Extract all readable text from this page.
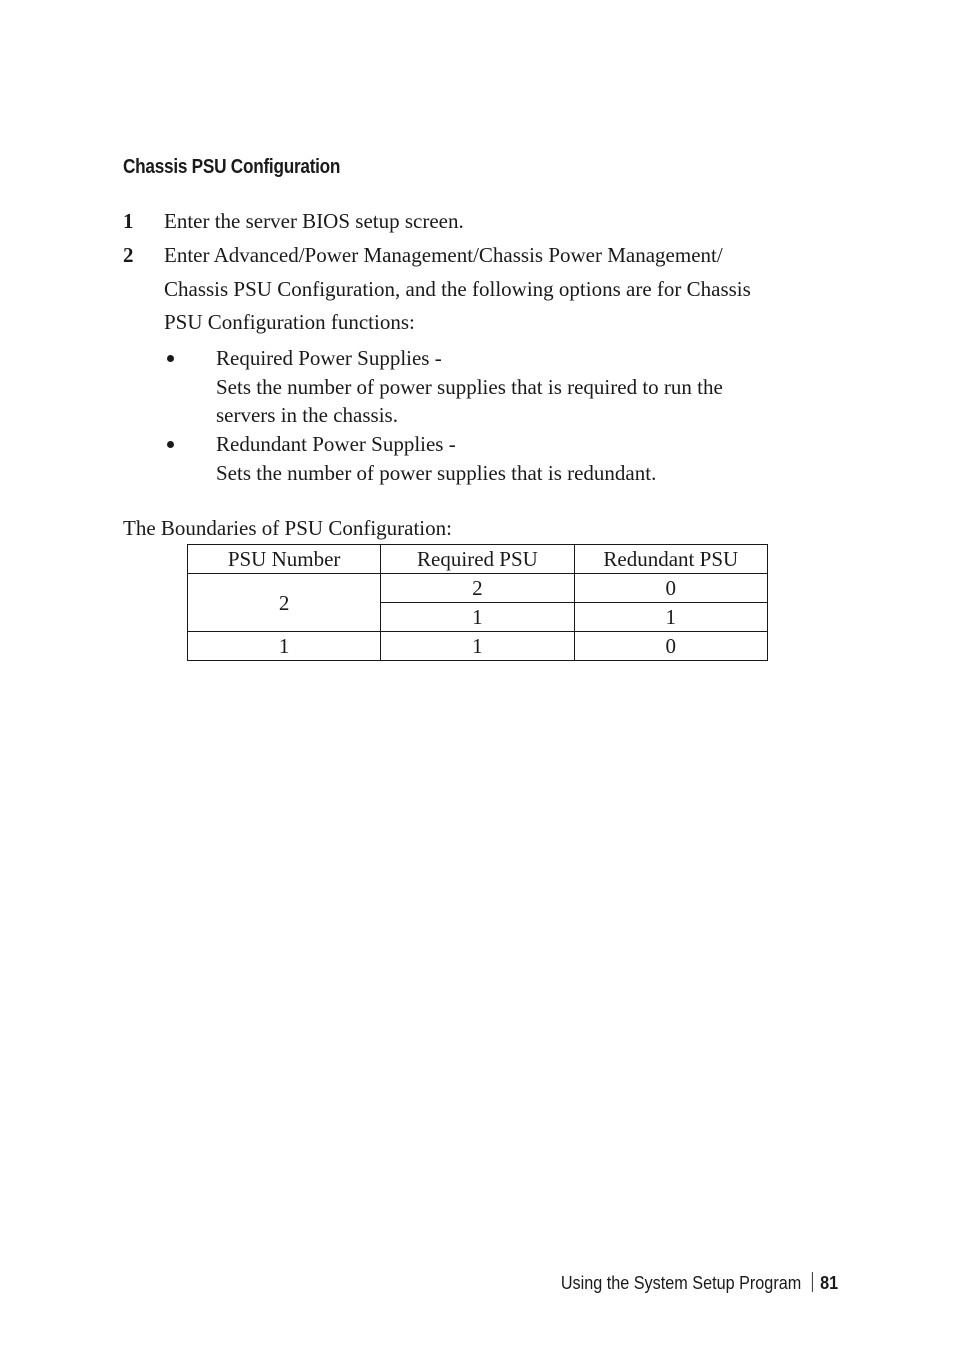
Chassis PSU Configuration
1 Enter the server BIOS setup screen.
2 Enter Advanced/Power Management/Chassis Power Management/
Chassis PSU Configuration, and the following options are for Chassis
PSU Configuration functions:
Required Power Supplies -
Sets the number of power supplies that is required to run the
servers in the chassis.
Redundant Power Supplies -
Sets the number of power supplies that is redundant.
The Boundaries of PSU Configuration:
PSU Number	Required PSU	Redundant PSU
2	2	0
	1	1
1	1	0
Using the System Setup Program 81
